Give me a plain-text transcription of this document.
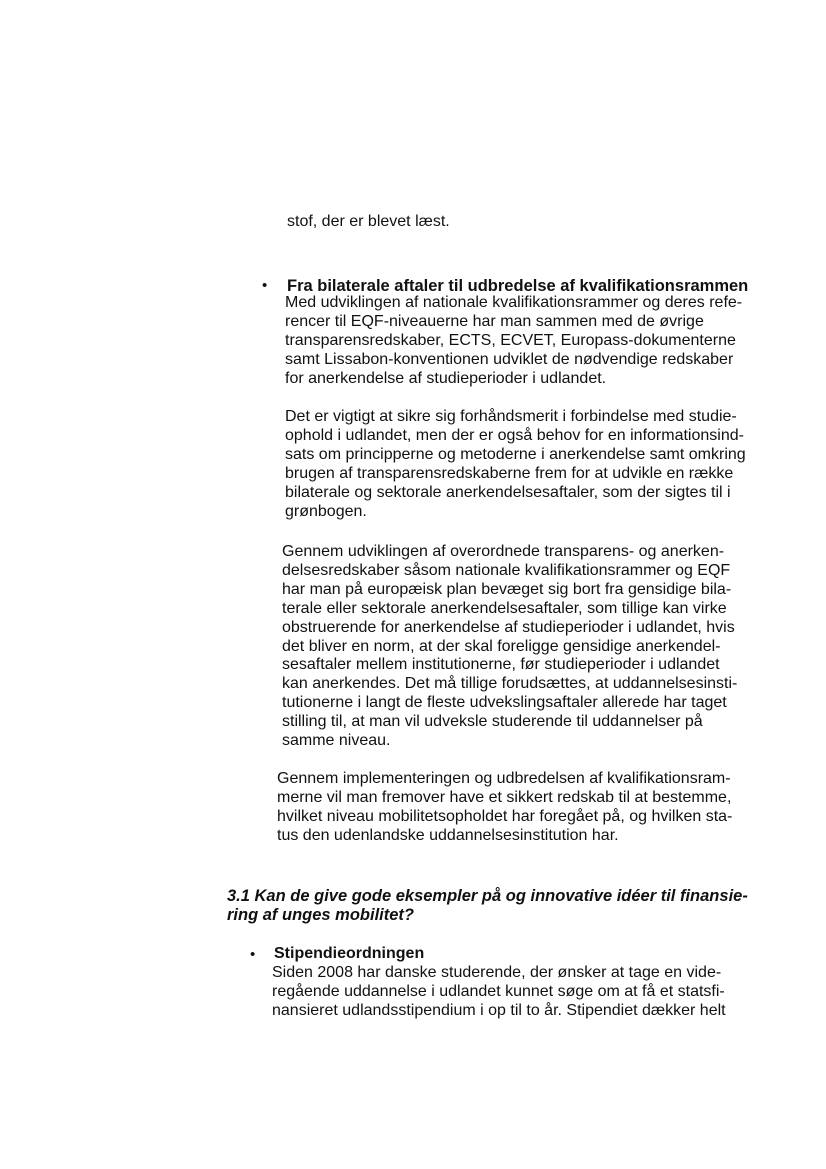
stof, der er blevet læst.
• Fra bilaterale aftaler til udbredelse af kvalifikationsrammen
Med udviklingen af nationale kvalifikationsrammer og deres refe-
rencer til EQF-niveauerne har man sammen med de øvrige
transparensredskaber, ECTS, ECVET, Europass-dokumenterne
samt Lissabon-konventionen udviklet de nødvendige redskaber
for anerkendelse af studieperioder i udlandet.
Det er vigtigt at sikre sig forhåndsmerit i forbindelse med studie-
ophold i udlandet, men der er også behov for en informationsind-
sats om principperne og metoderne i anerkendelse samt omkring
brugen af transparensredskaberne frem for at udvikle en række
bilaterale og sektorale anerkendelsesaftaler, som der sigtes til i
grønbogen.
Gennem udviklingen af overordnede transparens- og anerken-
delsesredskaber såsom nationale kvalifikationsrammer og EQF
har man på europæisk plan bevæget sig bort fra gensidige bila-
terale eller sektorale anerkendelsesaftaler, som tillige kan virke
obstruerende for anerkendelse af studieperioder i udlandet, hvis
det bliver en norm, at der skal foreligge gensidige anerkendel-
sesaftaler mellem institutionerne, før studieperioder i udlandet
kan anerkendes. Det må tillige forudsættes, at uddannelsesinsti-
tutionerne i langt de fleste udvekslingsaftaler allerede har taget
stilling til, at man vil udveksle studerende til uddannelser på
samme niveau.
Gennem implementeringen og udbredelsen af kvalifikationsram-
merne vil man fremover have et sikkert redskab til at bestemme,
hvilket niveau mobilitetsopholdet har foregået på, og hvilken sta-
tus den udenlandske uddannelsesinstitution har.
3.1 Kan de give gode eksempler på og innovative idéer til finansie-
ring af unges mobilitet?
• Stipendieordningen
Siden 2008 har danske studerende, der ønsker at tage en vide-
regående uddannelse i udlandet kunnet søge om at få et statsfi-
nansieret udlandsstipendium i op til to år. Stipendiet dækker helt
